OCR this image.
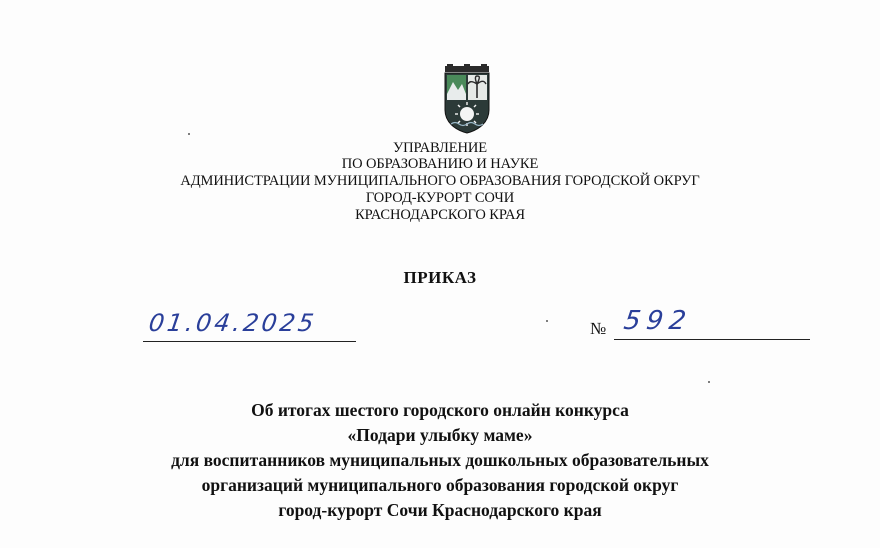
УПРАВЛЕНИЕ
ПО ОБРАЗОВАНИЮ И НАУКЕ
АДМИНИСТРАЦИИ МУНИЦИПАЛЬНОГО ОБРАЗОВАНИЯ ГОРОДСКОЙ ОКРУГ
ГОРОД-КУРОРТ СОЧИ
КРАСНОДАРСКОГО КРАЯ
ПРИКАЗ
01.04.2025	№ 592
Об итогах шестого городского онлайн конкурса
«Подари улыбку маме»
для воспитанников муниципальных дошкольных образовательных
организаций муниципального образования городской округ
город-курорт Сочи Краснодарского края
